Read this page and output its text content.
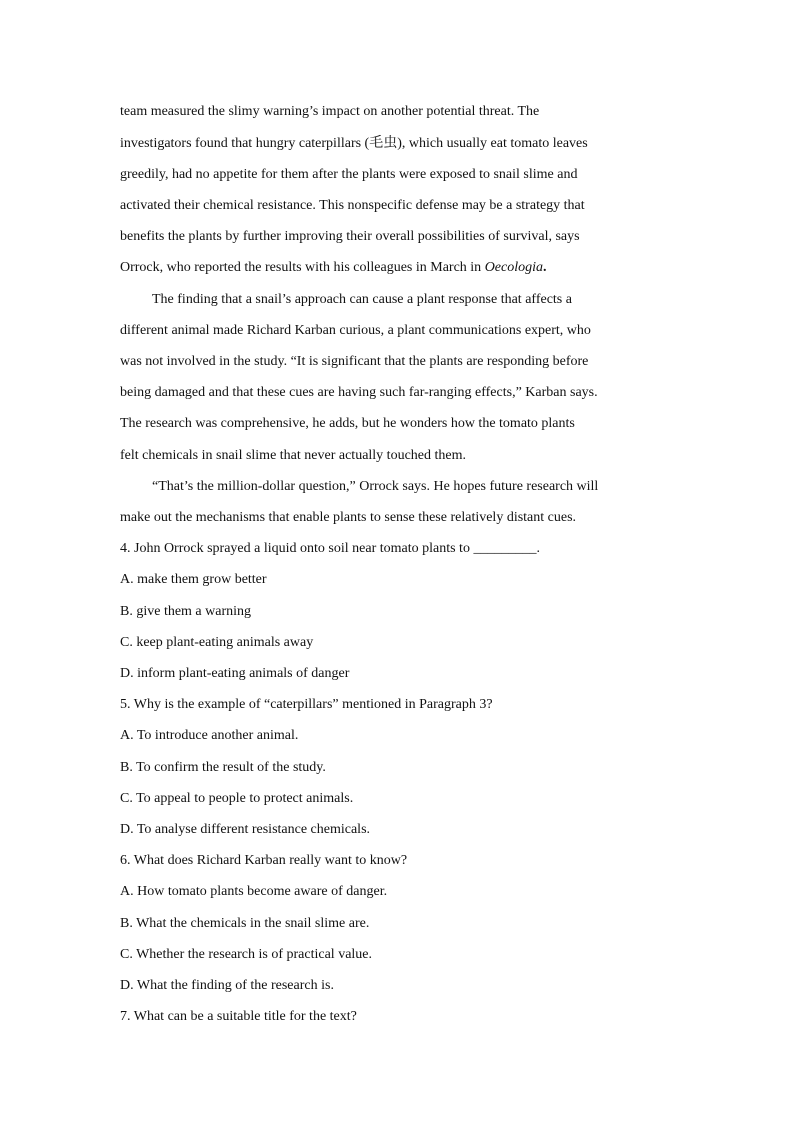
team measured the slimy warning’s impact on another potential threat. The
investigators found that hungry caterpillars (毛虫), which usually eat tomato leaves
greedily, had no appetite for them after the plants were exposed to snail slime and
activated their chemical resistance. This nonspecific defense may be a strategy that
benefits the plants by further improving their overall possibilities of survival, says
Orrock, who reported the results with his colleagues in March in Oecologia.
The finding that a snail’s approach can cause a plant response that affects a
different animal made Richard Karban curious, a plant communications expert, who
was not involved in the study. “It is significant that the plants are responding before
being damaged and that these cues are having such far-ranging effects,” Karban says.
The research was comprehensive, he adds, but he wonders how the tomato plants
felt chemicals in snail slime that never actually touched them.
“That’s the million-dollar question,” Orrock says. He hopes future research will
make out the mechanisms that enable plants to sense these relatively distant cues.
4. John Orrock sprayed a liquid onto soil near tomato plants to _________.
A. make them grow better
B. give them a warning
C. keep plant-eating animals away
D. inform plant-eating animals of danger
5. Why is the example of “caterpillars” mentioned in Paragraph 3?
A. To introduce another animal.
B. To confirm the result of the study.
C. To appeal to people to protect animals.
D. To analyse different resistance chemicals.
6. What does Richard Karban really want to know?
A. How tomato plants become aware of danger.
B. What the chemicals in the snail slime are.
C. Whether the research is of practical value.
D. What the finding of the research is.
7. What can be a suitable title for the text?
